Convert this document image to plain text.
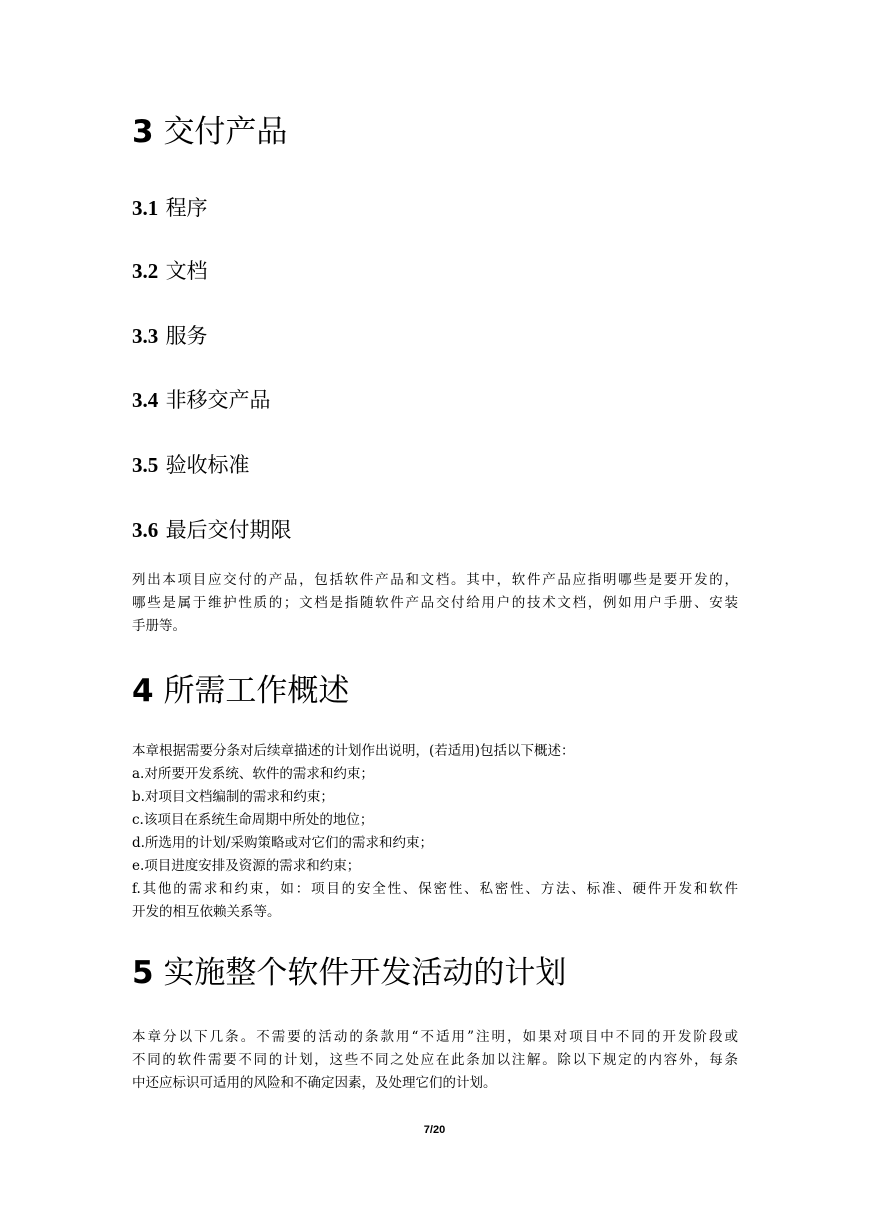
3 交付产品
3.1 程序
3.2 文档
3.3 服务
3.4 非移交产品
3.5 验收标准
3.6 最后交付期限
列出本项目应交付的产品，包括软件产品和文档。其中，软件产品应指明哪些是要开发的，
哪些是属于维护性质的；文档是指随软件产品交付给用户的技术文档，例如用户手册、安装
手册等。
4 所需工作概述
本章根据需要分条对后续章描述的计划作出说明，(若适用)包括以下概述：
a.对所要开发系统、软件的需求和约束；
b.对项目文档编制的需求和约束；
c.该项目在系统生命周期中所处的地位；
d.所选用的计划/采购策略或对它们的需求和约束；
e.项目进度安排及资源的需求和约束；
f.其他的需求和约束，如：项目的安全性、保密性、私密性、方法、标准、硬件开发和软件
开发的相互依赖关系等。
5 实施整个软件开发活动的计划
本章分以下几条。不需要的活动的条款用“不适用”注明，如果对项目中不同的开发阶段或
不同的软件需要不同的计划，这些不同之处应在此条加以注解。除以下规定的内容外，每条
中还应标识可适用的风险和不确定因素，及处理它们的计划。
7/20
